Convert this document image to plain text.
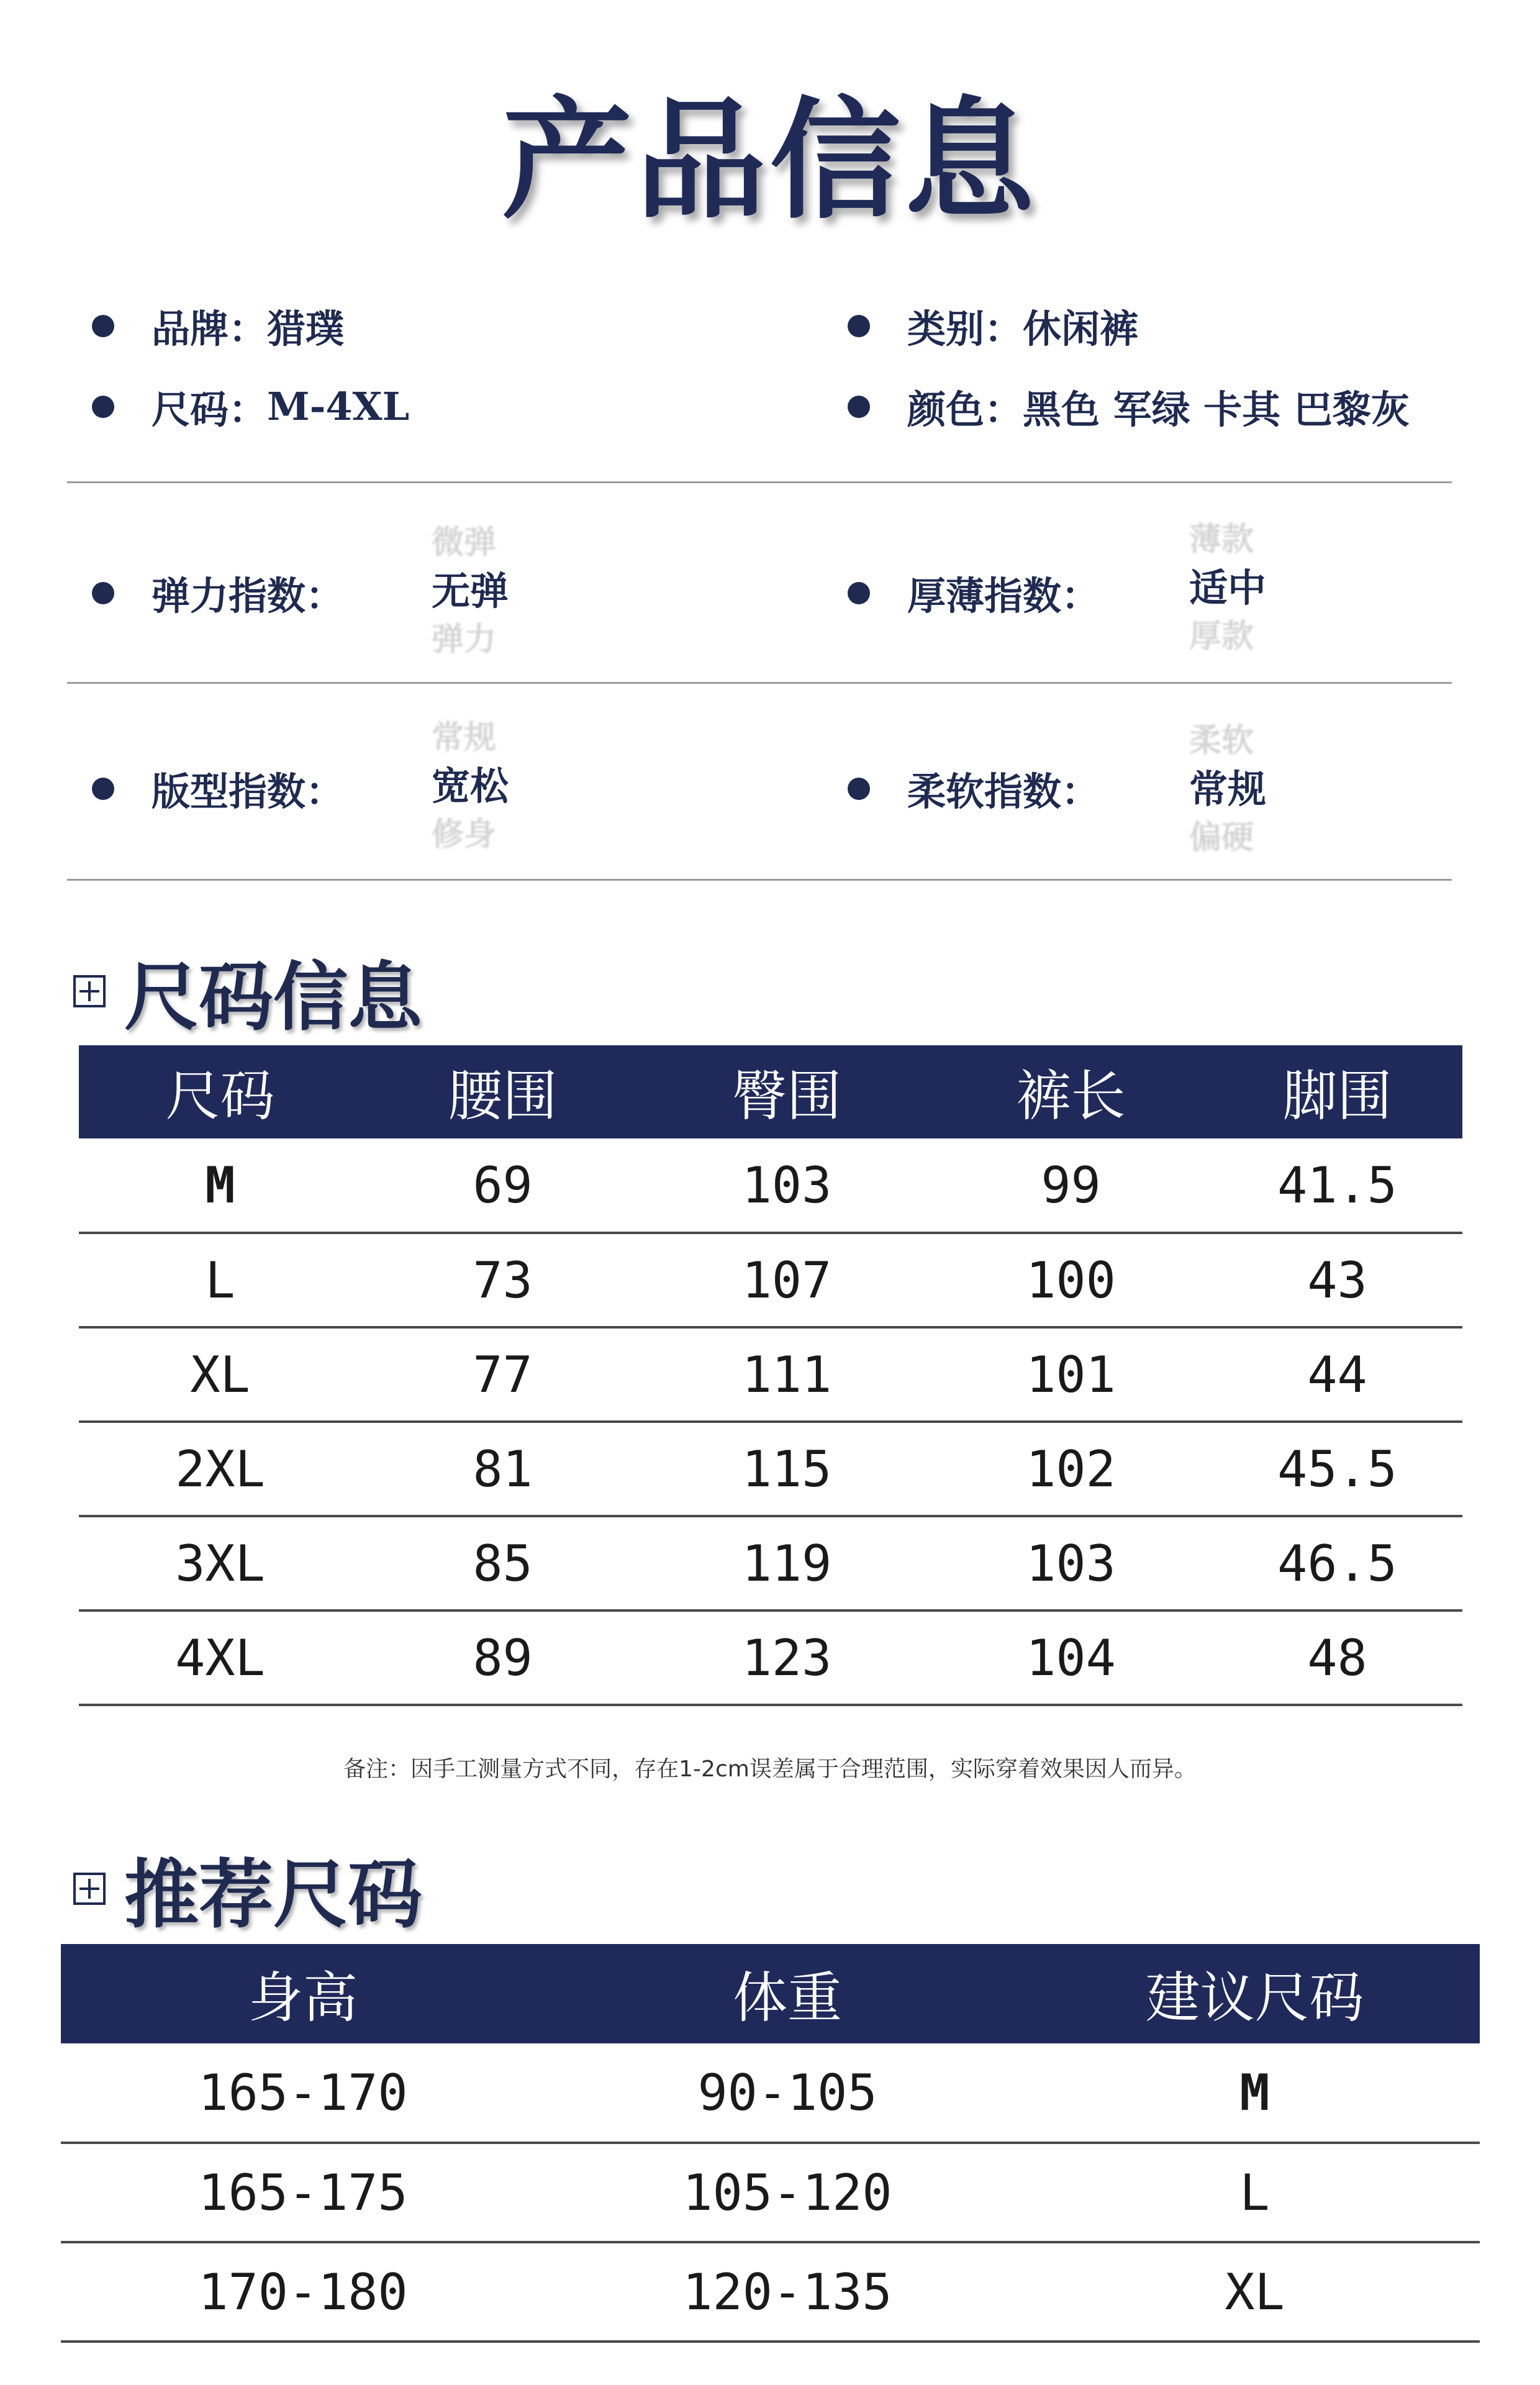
产品信息
品牌： 猎璞	类别： 休闲裤
尺码： M-4XL	颜色： 黑色 军绿 卡其 巴黎灰
弹力指数：
微弹
无弹
弹力
厚薄指数：
薄款
适中
厚款
版型指数：
常规
宽松
修身
柔软指数：
柔软
常规
偏硬
尺码信息
尺码	腰围	臀围	裤长	脚围
M	69	103	99	41.5
L	73	107	100	43
XL	77	111	101	44
2XL	81	115	102	45.5
3XL	85	119	103	46.5
4XL	89	123	104	48
备注：因手工测量方式不同，存在1-2cm误差属于合理范围，实际穿着效果因人而异。
推荐尺码
身高	体重	建议尺码
165-170	90-105	M
165-175	105-120	L
170-180	120-135	XL
